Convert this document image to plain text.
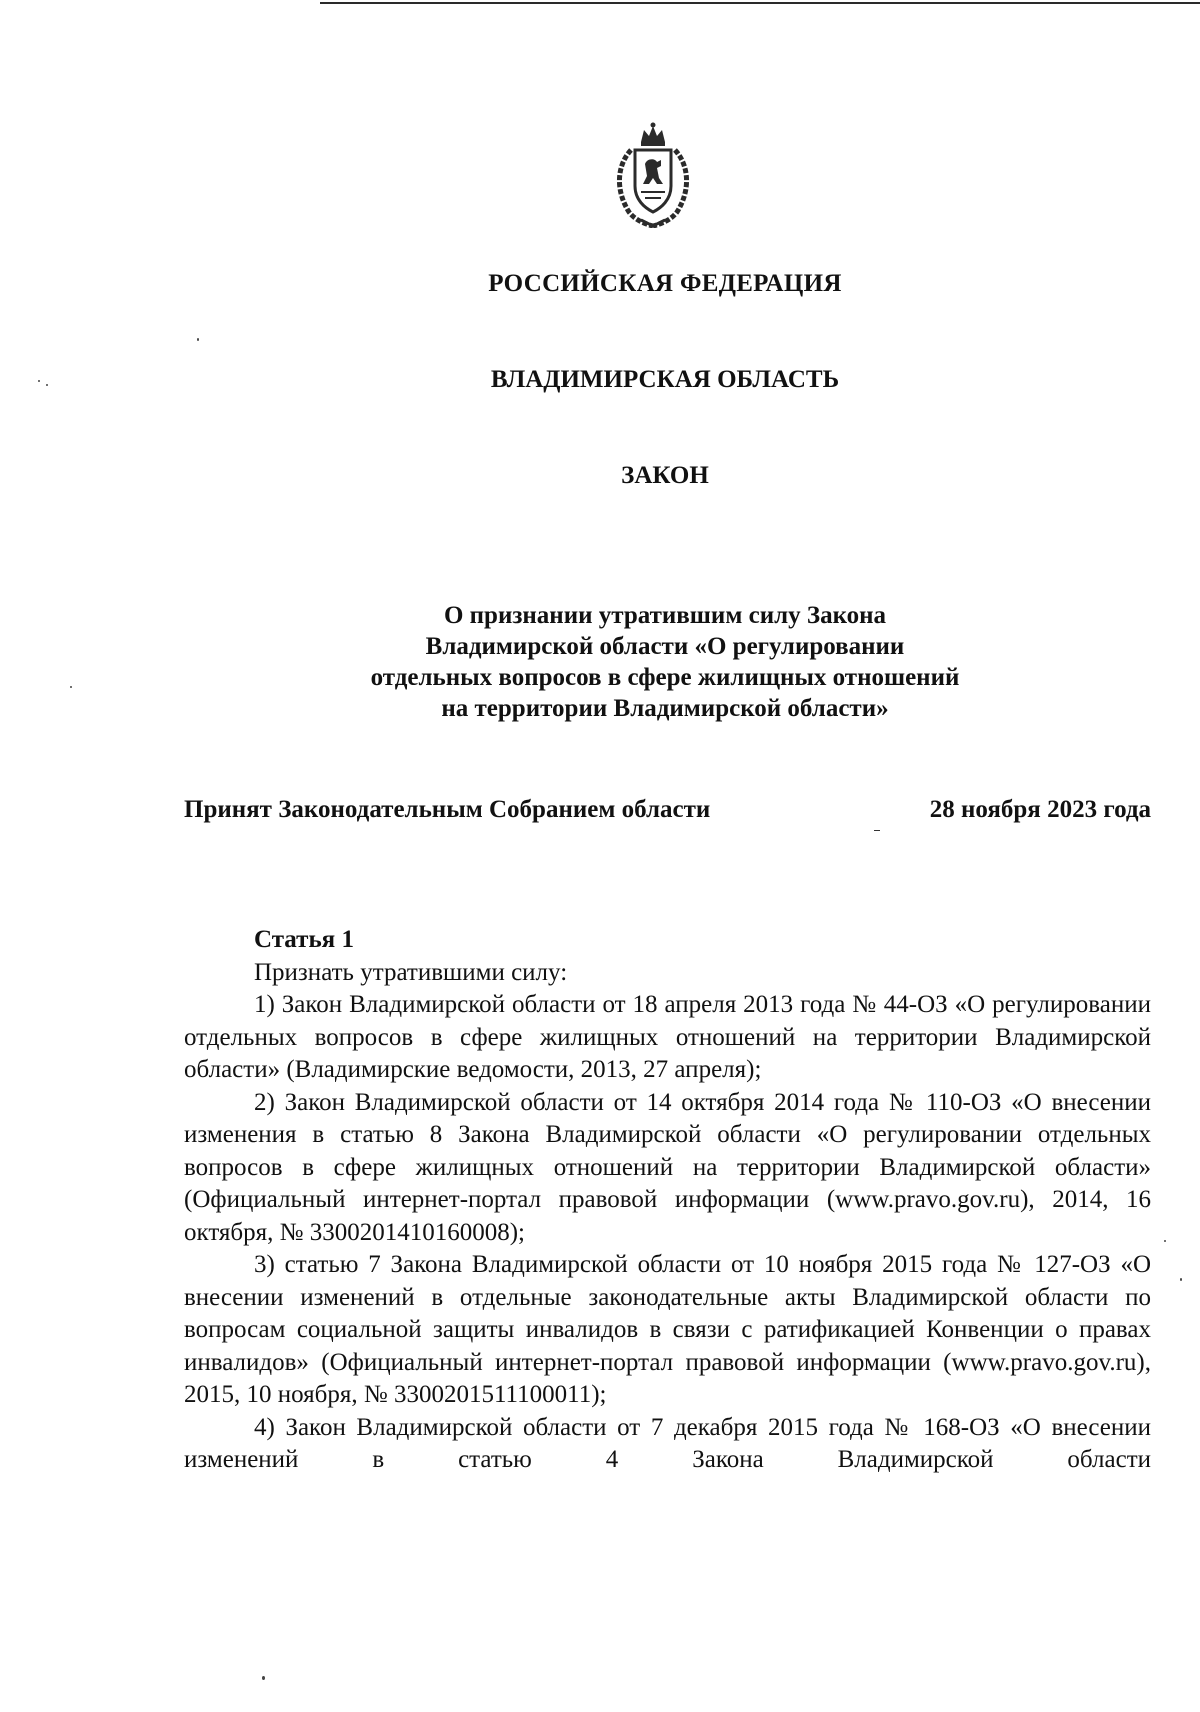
РОССИЙСКАЯ ФЕДЕРАЦИЯ
ВЛАДИМИРСКАЯ ОБЛАСТЬ
ЗАКОН
О признании утратившим силу Закона
Владимирской области «О регулировании
отдельных вопросов в сфере жилищных отношений
на территории Владимирской области»
Принят Законодательным Собранием области	28 ноября 2023 года
Статья 1
Признать утратившими силу:

1) Закон Владимирской области от 18 апреля 2013 года № 44-ОЗ «О регулировании отдельных вопросов в сфере жилищных отношений на территории Владимирской области» (Владимирские ведомости, 2013, 27 апреля);

2) Закон Владимирской области от 14 октября 2014 года № 110-ОЗ «О внесении изменения в статью 8 Закона Владимирской области «О регулировании отдельных вопросов в сфере жилищных отношений на территории Владимирской области» (Официальный интернет-портал правовой информации (www.pravo.gov.ru), 2014, 16 октября, № 3300201410160008);

3) статью 7 Закона Владимирской области от 10 ноября 2015 года № 127-ОЗ «О внесении изменений в отдельные законодательные акты Владимирской области по вопросам социальной защиты инвалидов в связи с ратификацией Конвенции о правах инвалидов» (Официальный интернет-портал правовой информации (www.pravo.gov.ru), 2015, 10 ноября, № 3300201511100011);

4) Закон Владимирской области от 7 декабря 2015 года № 168-ОЗ «О внесении изменений в статью 4 Закона Владимирской области
